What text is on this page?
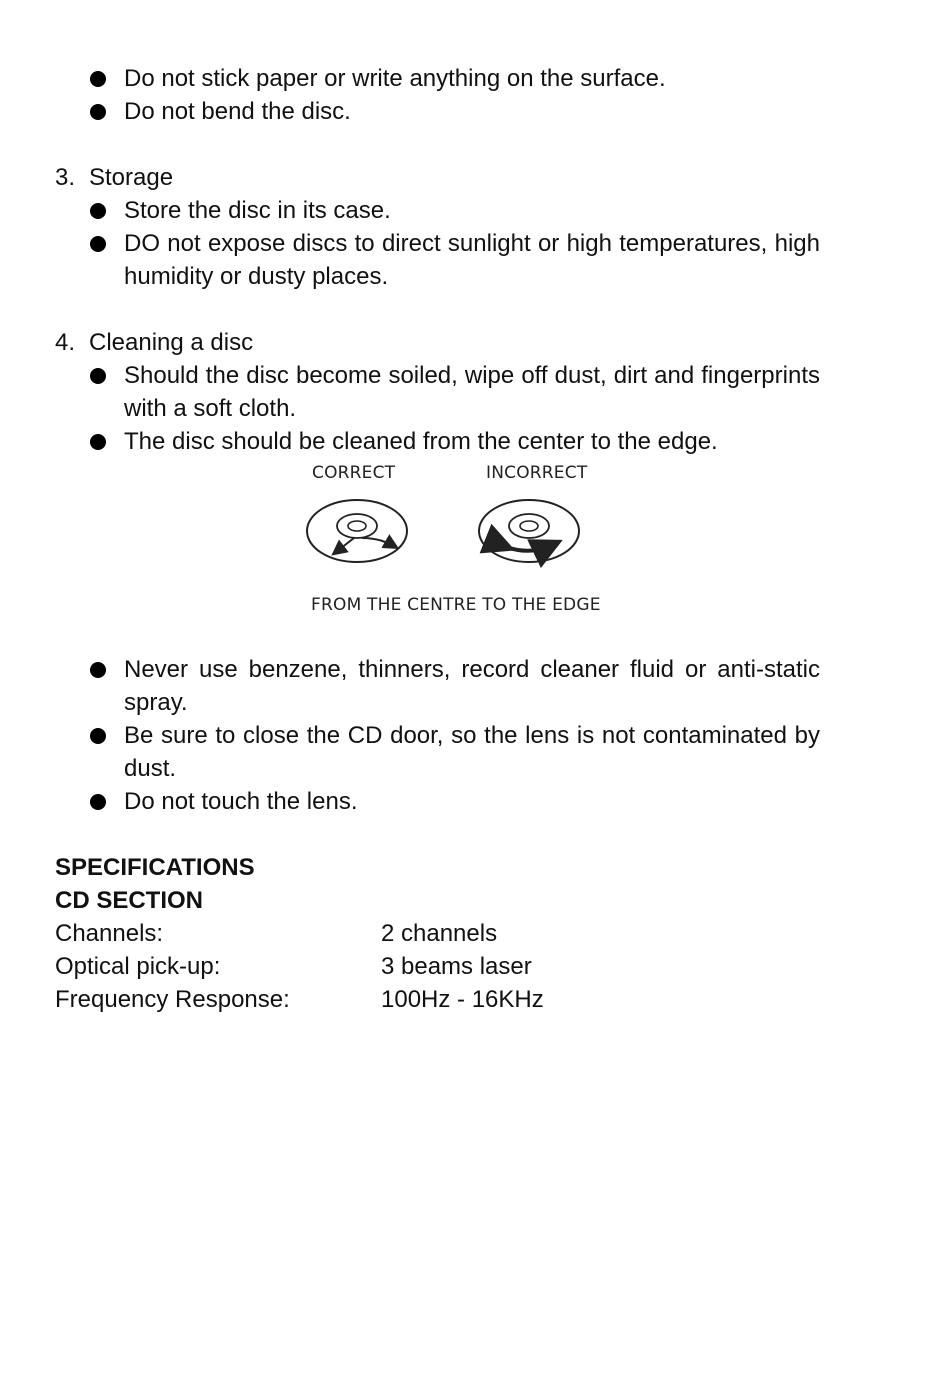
Do not stick paper or write anything on the surface.
Do not bend the disc.

3. Storage

Store the disc in its case.
DO not expose discs to direct sunlight or high temperatures, high humidity or dusty places.

4. Cleaning a disc

Should the disc become soiled, wipe off dust, dirt and fingerprints with a soft cloth.
The disc should be cleaned from the center to the edge.
CORRECT	INCORRECT
FROM THE CENTRE TO THE EDGE
Never use benzene, thinners, record cleaner fluid or anti-static spray.
Be sure to close the CD door, so the lens is not contaminated by dust.
Do not touch the lens.

SPECIFICATIONS

CD SECTION

Channels:	2 channels
Optical pick-up:	3 beams laser
Frequency Response:	100Hz - 16KHz
